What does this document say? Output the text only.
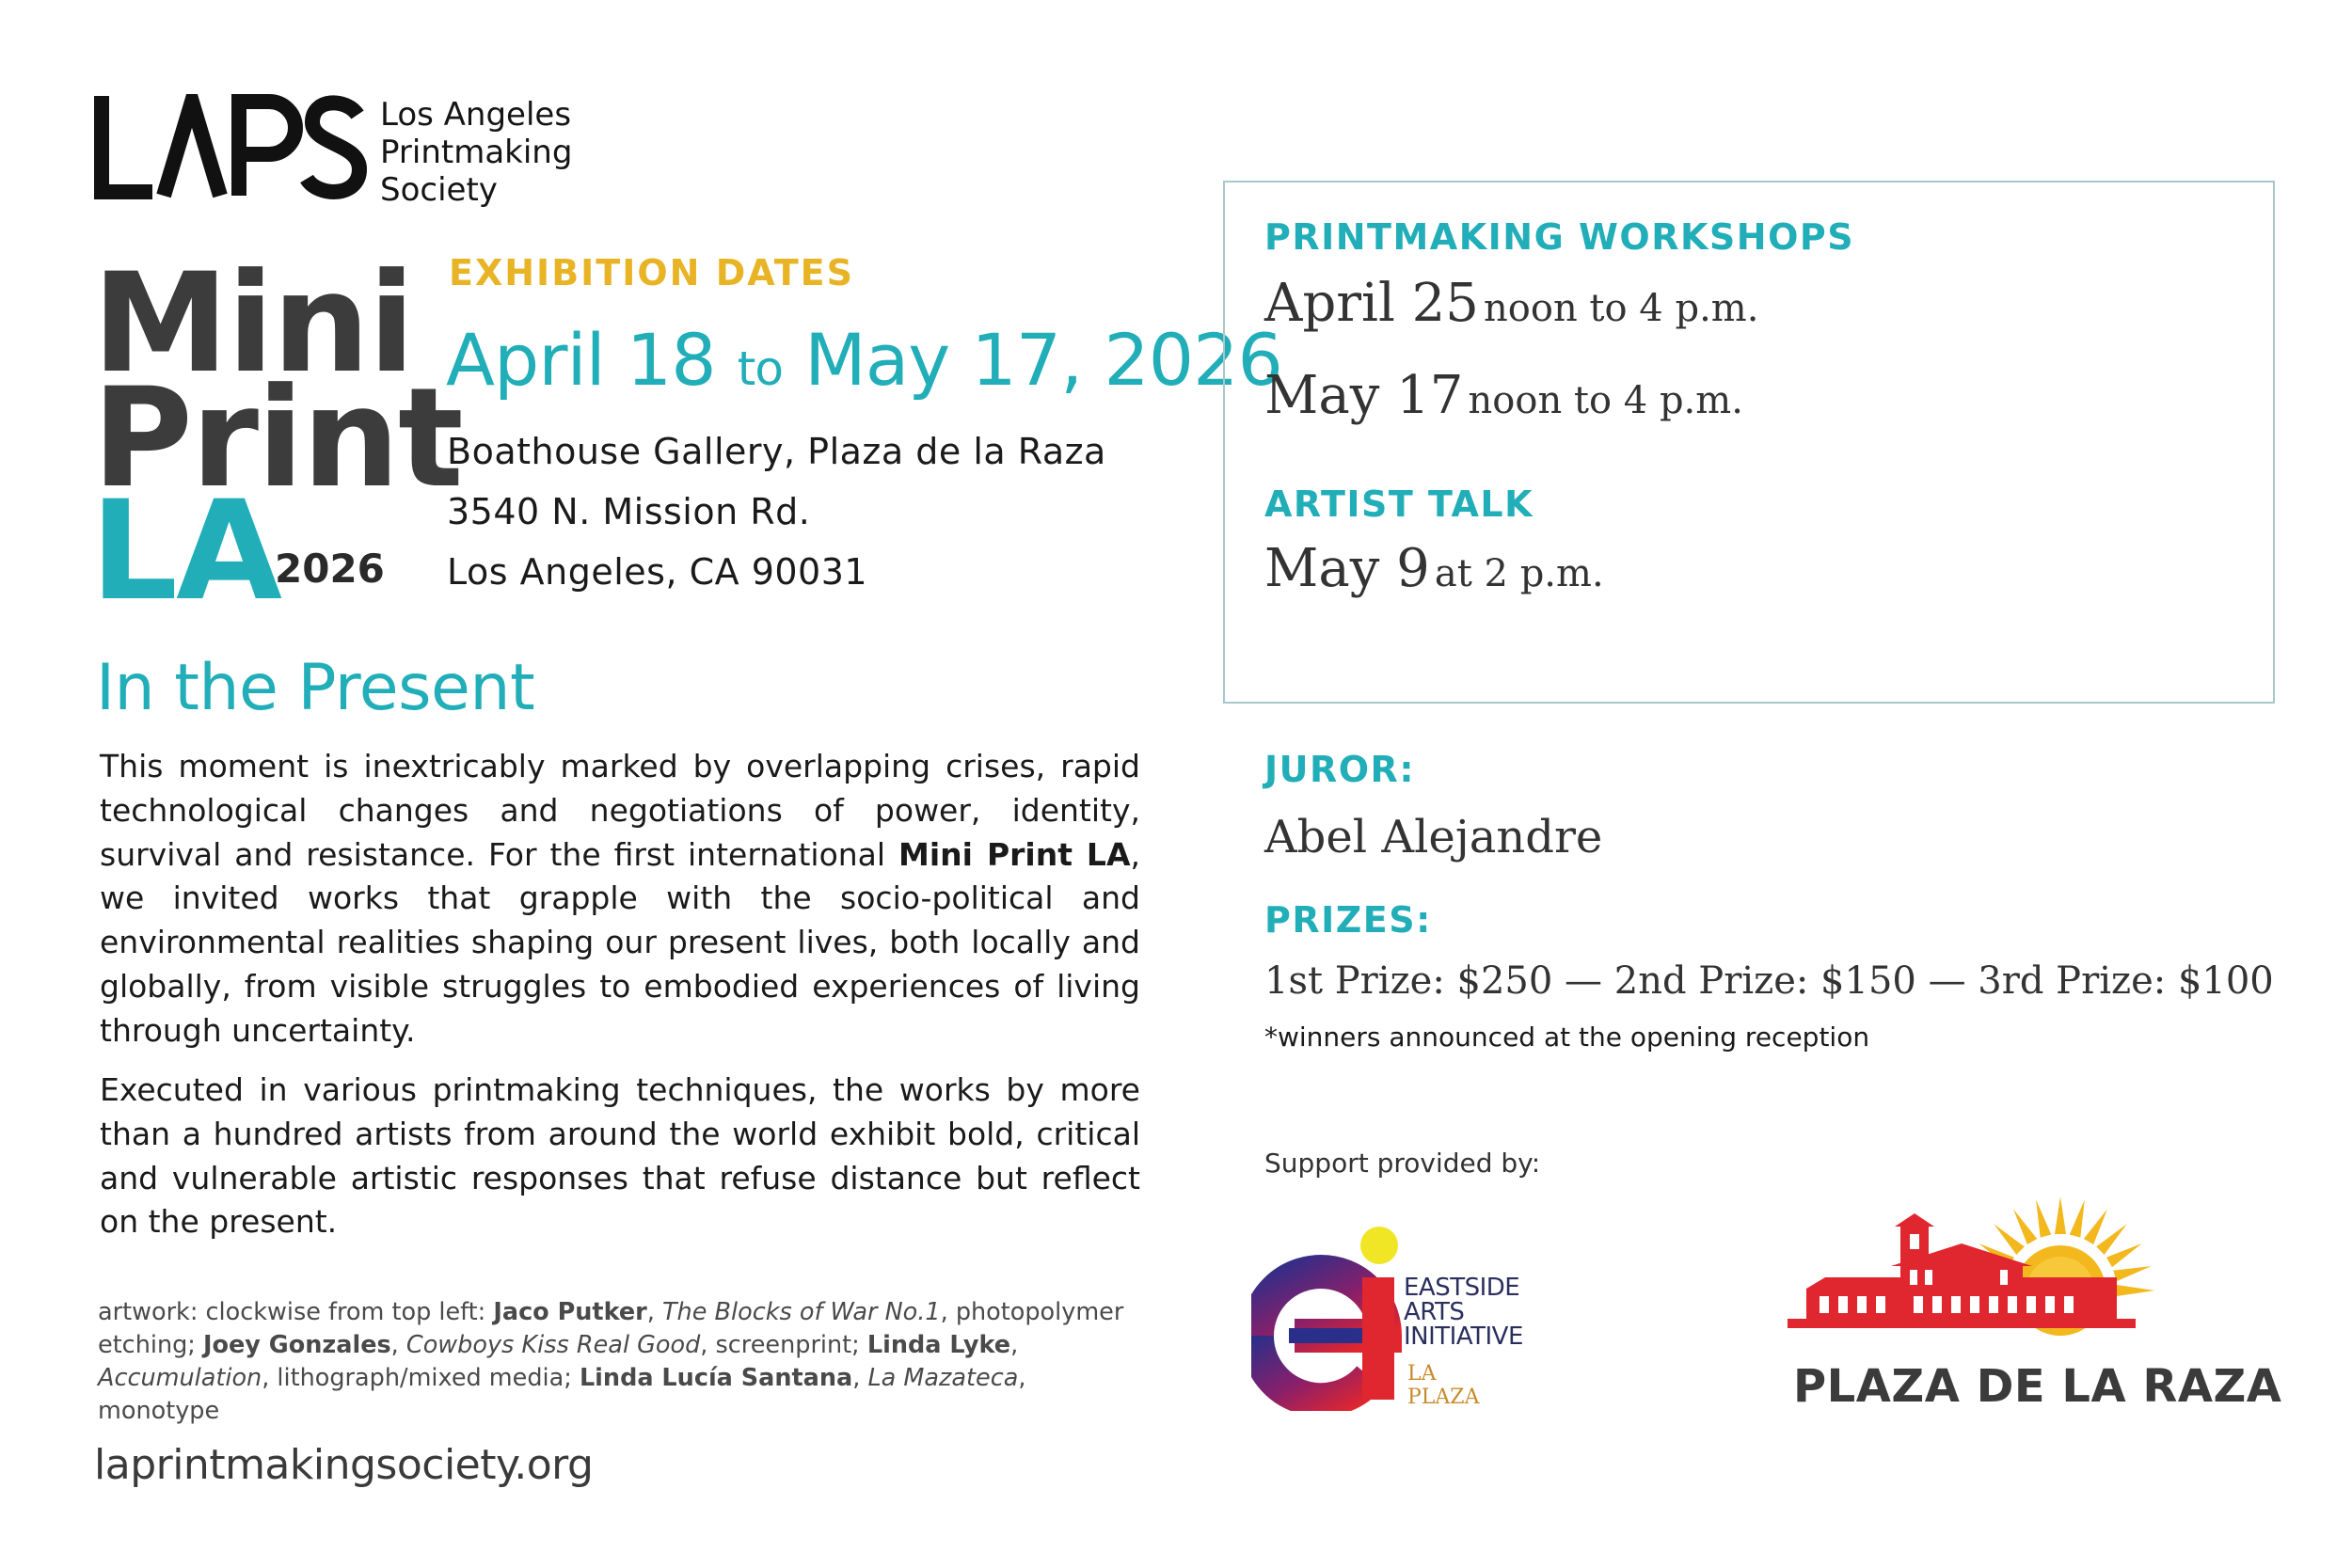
Los Angeles
Printmaking
Society
Mini
Print
LA
2026
EXHIBITION DATES
April 18 to May 17, 2026
Boathouse Gallery, Plaza de la Raza
3540 N. Mission Rd.
Los Angeles, CA 90031
In the Present
This moment is inextricably marked by overlapping crises, rapid technological changes and negotiations of power, identity, survival and resistance. For the first international Mini Print LA, we invited works that grapple with the socio-political and environmental realities shaping our present lives, both locally and globally, from visible struggles to embodied experiences of living through uncertainty.
Executed in various printmaking techniques, the works by more than a hundred artists from around the world exhibit bold, critical and vulnerable artistic responses that refuse distance but reflect on the present.
artwork: clockwise from top left: Jaco Putker, The Blocks of War No.1, photopolymer etching; Joey Gonzales, Cowboys Kiss Real Good, screenprint; Linda Lyke, Accumulation, lithograph/mixed media; Linda Lucía Santana, La Mazateca, monotype
laprintmakingsociety.org
PRINTMAKING WORKSHOPS
April 25 noon to 4 p.m.
May 17 noon to 4 p.m.
ARTIST TALK
May 9 at 2 p.m.
JUROR:
Abel Alejandre
PRIZES:
1st Prize: $250 — 2nd Prize: $150 — 3rd Prize: $100
*winners announced at the opening reception
Support provided by:
EASTSIDE
ARTS
INITIATIVE
LA PLAZA	PLAZA DE LA RAZA
